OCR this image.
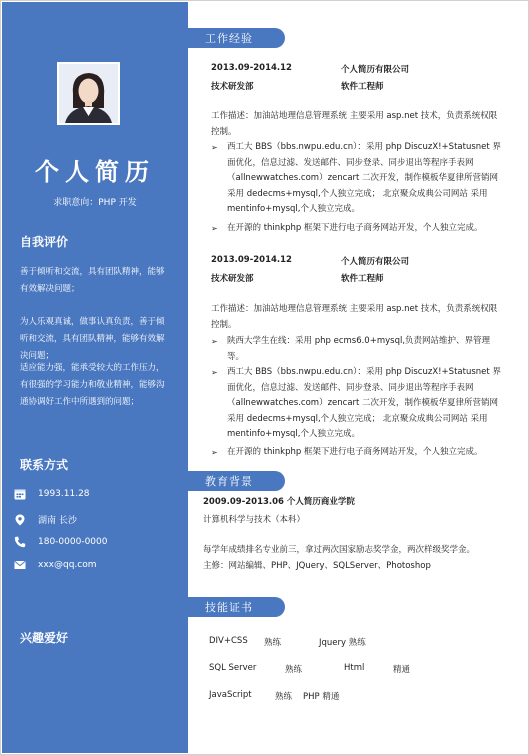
个人简历
求职意向：PHP 开发
自我评价

善于倾听和交流，具有团队精神，能够有效解决问题；

为人乐观真诚，做事认真负责，善于倾听和交流，具有团队精神，能够有效解决问题；

适应能力强，能承受较大的工作压力，有很强的学习能力和敬业精神，能够沟通协调好工作中所遇到的问题；

联系方式
1993.11.28
湖南 长沙
180-0000-0000
xxx@qq.com
兴趣爱好
工作经验
2013.09-2014.12	个人简历有限公司
技术研发部	软件工程师

工作描述：加油站地理信息管理系统 主要采用 asp.net 技术，负责系统权限控制。

➢ 西工大 BBS（bbs.nwpu.edu.cn）：采用 php DiscuzX!+Statusnet 界面优化，信息过滤、发送邮件、同步登录、同步退出等程序手表网（allnewwatches.com）zencart 二次开发，制作模板华夏律所营销网 采用 dedecms+mysql,个人独立完成； 北京聚众成典公司网站 采用 mentinfo+mysql,个人独立完成。

➢ 在开源的 thinkphp 框架下进行电子商务网站开发，个人独立完成。

2013.09-2014.12	个人简历有限公司
技术研发部	软件工程师

工作描述：加油站地理信息管理系统 主要采用 asp.net 技术，负责系统权限控制。

➢ 陕西大学生在线：采用 php ecms6.0+mysql,负责网站维护、界管理等。

➢ 西工大 BBS（bbs.nwpu.edu.cn）：采用 php DiscuzX!+Statusnet 界面优化，信息过滤、发送邮件、同步登录、同步退出等程序手表网（allnewwatches.com）zencart 二次开发，制作模板华夏律所营销网 采用 dedecms+mysql,个人独立完成； 北京聚众成典公司网站 采用 mentinfo+mysql,个人独立完成。

➢ 在开源的 thinkphp 框架下进行电子商务网站开发，个人独立完成。

教育背景
2009.09-2013.06 个人简历商业学院
计算机科学与技术（本科）
每学年成绩排名专业前三，拿过两次国家励志奖学金，两次样级奖学金。
主修：网站编辑、PHP、JQuery、SQLServer、Photoshop
技能证书
DIV+CSS 熟练	Jquery 熟练
SQL Server	熟练	Html	精通
JavaScript	熟练 PHP 精通
